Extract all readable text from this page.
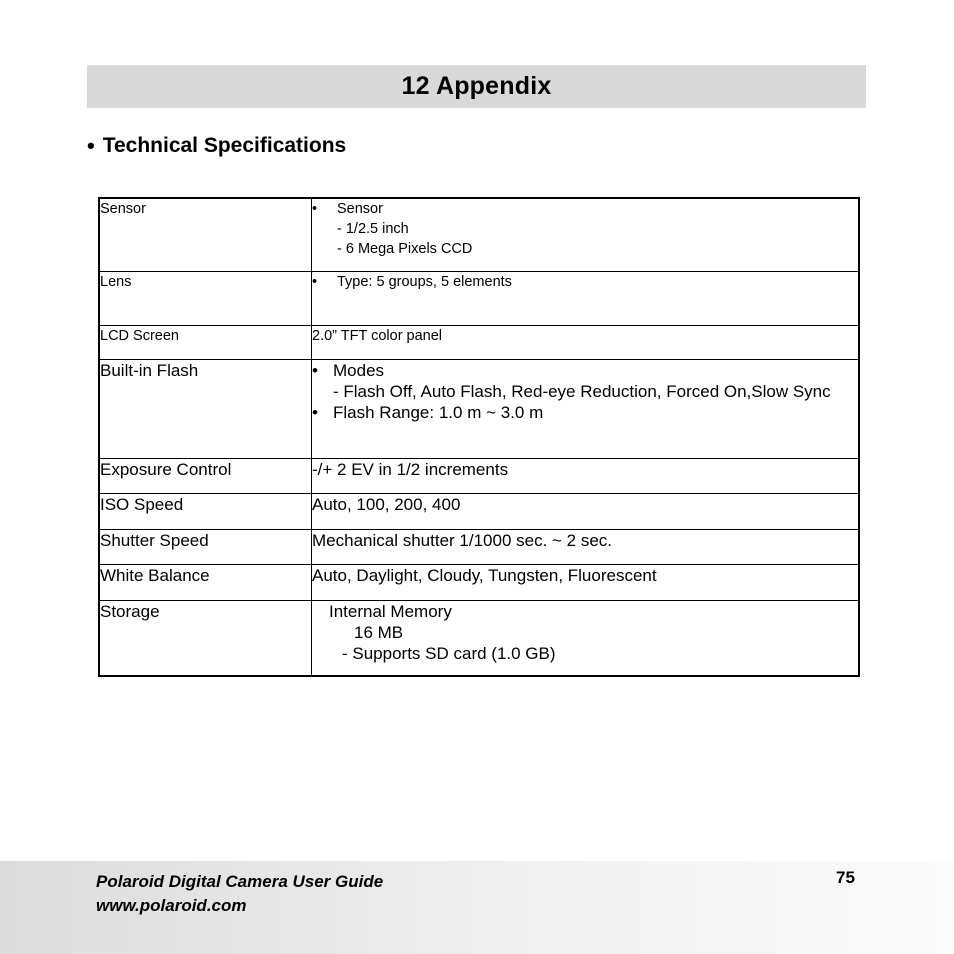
12 Appendix
• Technical Specifications
Sensor	• Sensor
- 1/2.5 inch
- 6 Mega Pixels CCD

Lens	• Type: 5 groups, 5 elements

LCD Screen	2.0” TFT color panel
Built-in Flash	• Modes
- Flash Off, Auto Flash, Red-eye Reduction, Forced On,Slow Sync
• Flash Range: 1.0 m ~ 3.0 m

Exposure Control	-/+ 2 EV in 1/2 increments
ISO Speed	Auto, 100, 200, 400
Shutter Speed	Mechanical shutter 1/1000 sec. ~ 2 sec.
White Balance	Auto, Daylight, Cloudy, Tungsten, Fluorescent
Storage	Internal Memory
16 MB
- Supports SD card (1.0 GB)
Polaroid Digital Camera User Guide
www.polaroid.com
75
